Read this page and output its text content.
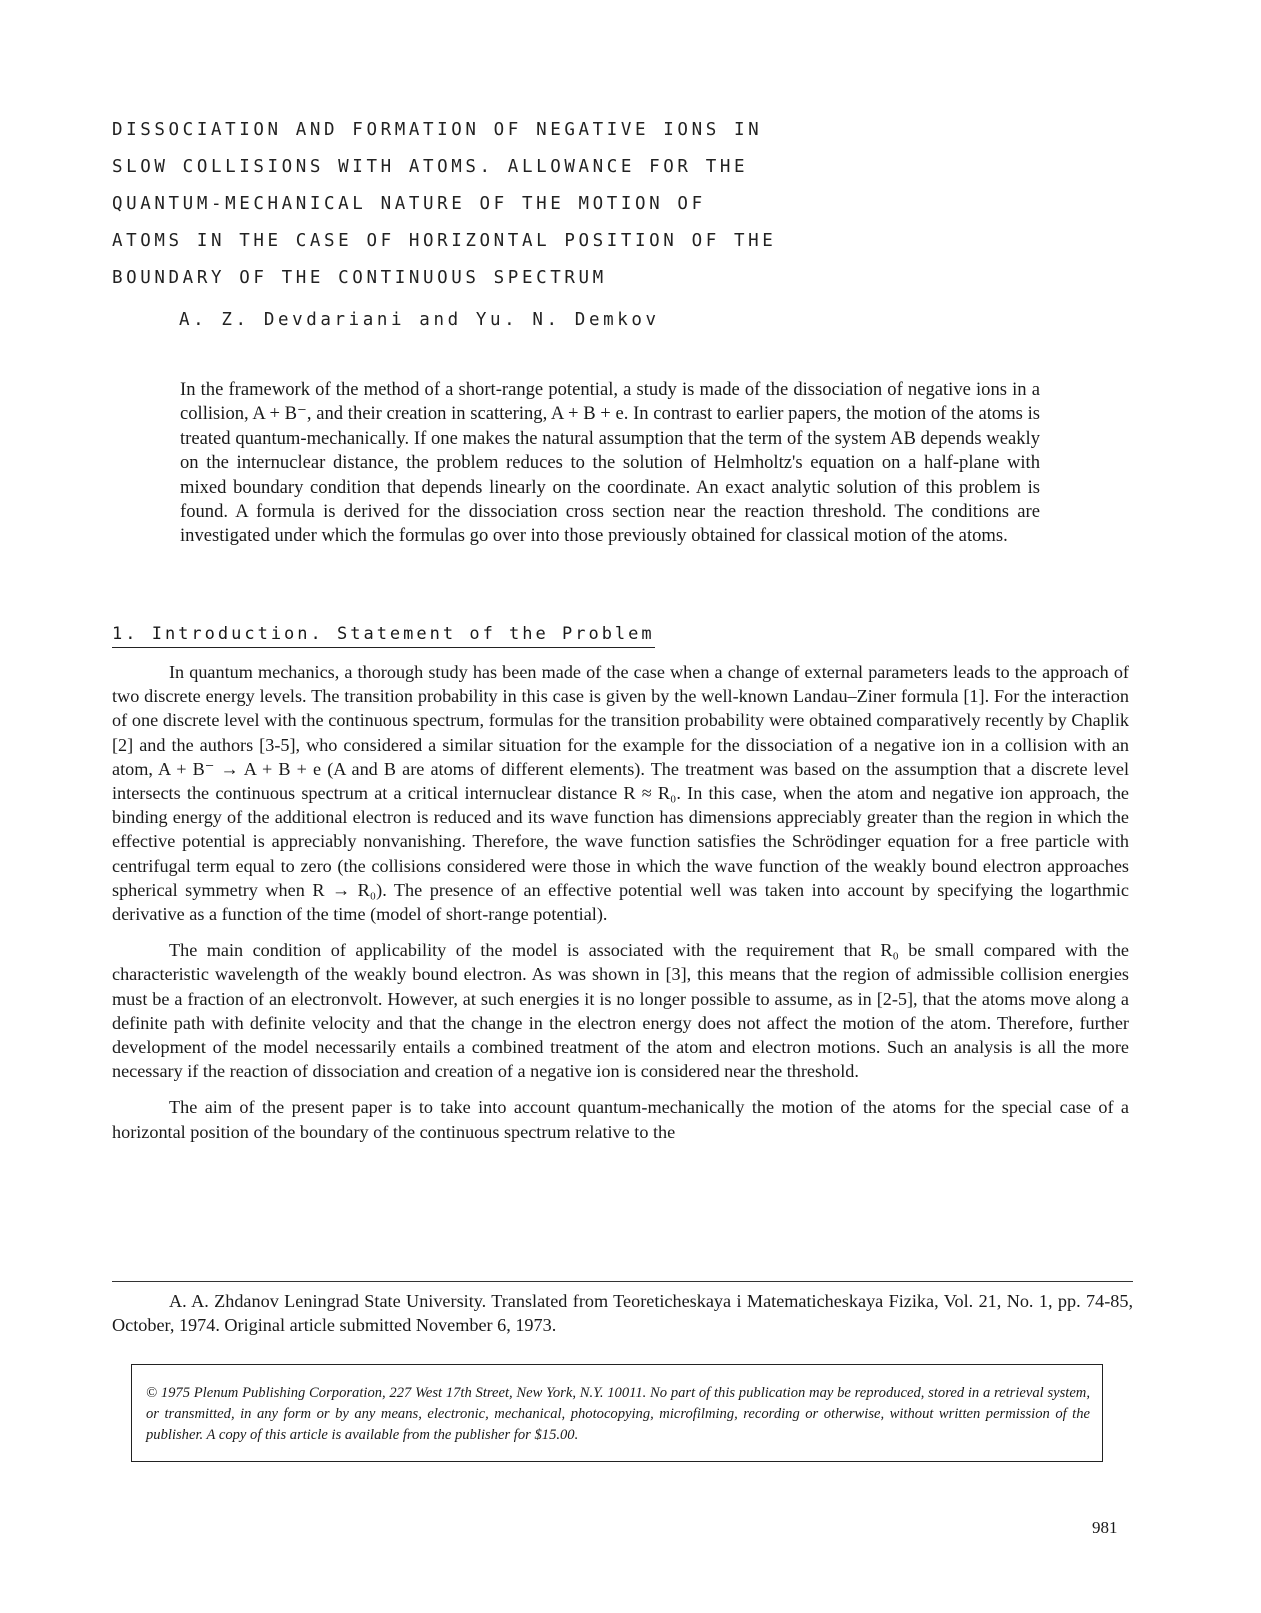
DISSOCIATION AND FORMATION OF NEGATIVE IONS IN
SLOW COLLISIONS WITH ATOMS. ALLOWANCE FOR THE
QUANTUM-MECHANICAL NATURE OF THE MOTION OF
ATOMS IN THE CASE OF HORIZONTAL POSITION OF THE
BOUNDARY OF THE CONTINUOUS SPECTRUM
A. Z. Devdariani and Yu. N. Demkov
In the framework of the method of a short-range potential, a study is made of the dissociation of negative ions in a collision, A + B⁻, and their creation in scattering, A + B + e. In contrast to earlier papers, the motion of the atoms is treated quantum-mechanically. If one makes the natural assumption that the term of the system AB depends weakly on the internuclear distance, the problem reduces to the solution of Helmholtz's equation on a half-plane with mixed boundary condition that depends linearly on the coordinate. An exact analytic solution of this problem is found. A formula is derived for the dissociation cross section near the reaction threshold. The conditions are investigated under which the formulas go over into those previously obtained for classical motion of the atoms.
1. Introduction. Statement of the Problem

In quantum mechanics, a thorough study has been made of the case when a change of external parameters leads to the approach of two discrete energy levels. The transition probability in this case is given by the well-known Landau–Ziner formula [1]. For the interaction of one discrete level with the continuous spectrum, formulas for the transition probability were obtained comparatively recently by Chaplik [2] and the authors [3-5], who considered a similar situation for the example for the dissociation of a negative ion in a collision with an atom, A + B⁻ → A + B + e (A and B are atoms of different elements). The treatment was based on the assumption that a discrete level intersects the continuous spectrum at a critical internuclear distance R ≈ R₀. In this case, when the atom and negative ion approach, the binding energy of the additional electron is reduced and its wave function has dimensions appreciably greater than the region in which the effective potential is appreciably nonvanishing. Therefore, the wave function satisfies the Schrödinger equation for a free particle with centrifugal term equal to zero (the collisions considered were those in which the wave function of the weakly bound electron approaches spherical symmetry when R → R₀). The presence of an effective potential well was taken into account by specifying the logarthmic derivative as a function of the time (model of short-range potential).

The main condition of applicability of the model is associated with the requirement that R₀ be small compared with the characteristic wavelength of the weakly bound electron. As was shown in [3], this means that the region of admissible collision energies must be a fraction of an electronvolt. However, at such energies it is no longer possible to assume, as in [2-5], that the atoms move along a definite path with definite velocity and that the change in the electron energy does not affect the motion of the atom. Therefore, further development of the model necessarily entails a combined treatment of the atom and electron motions. Such an analysis is all the more necessary if the reaction of dissociation and creation of a negative ion is considered near the threshold.

The aim of the present paper is to take into account quantum-mechanically the motion of the atoms for the special case of a horizontal position of the boundary of the continuous spectrum relative to the

A. A. Zhdanov Leningrad State University. Translated from Teoreticheskaya i Matematicheskaya Fizika, Vol. 21, No. 1, pp. 74-85, October, 1974. Original article submitted November 6, 1973.
© 1975 Plenum Publishing Corporation, 227 West 17th Street, New York, N.Y. 10011. No part of this publication may be reproduced, stored in a retrieval system, or transmitted, in any form or by any means, electronic, mechanical, photocopying, microfilming, recording or otherwise, without written permission of the publisher. A copy of this article is available from the publisher for $15.00.
981
